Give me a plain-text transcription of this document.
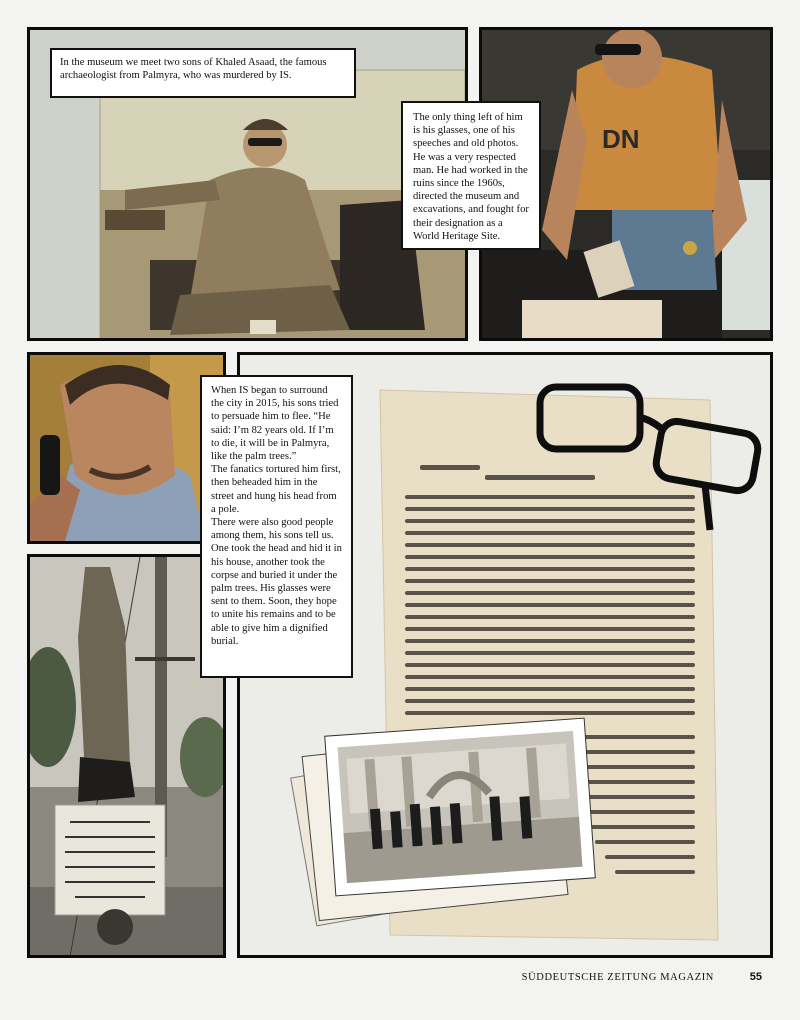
In the museum we meet two sons of Khaled Asaad, the famous archaeologist from Palmyra, who was murdered by IS.

The only thing left of him is his glasses, one of his speeches and old photos. He was a very respected man. He had worked in the ruins since the 1960s, directed the museum and excavations, and fought for their designation as a World Heritage Site.

DN

When IS began to surround the city in 2015, his sons tried to persuade him to flee. “He said: I’m 82 years old. If I’m to die, it will be in Palmyra, like the palm trees.”

The fanatics tortured him first, then beheaded him in the street and hung his head from a pole.

There were also good people among them, his sons tell us. One took the head and hid it in his house, another took the corpse and buried it under the palm trees. His glasses were sent to them. Soon, they hope to unite his remains and to be able to give him a dignified burial.

SÜDDEUTSCHE ZEITUNG MAGAZIN	55
